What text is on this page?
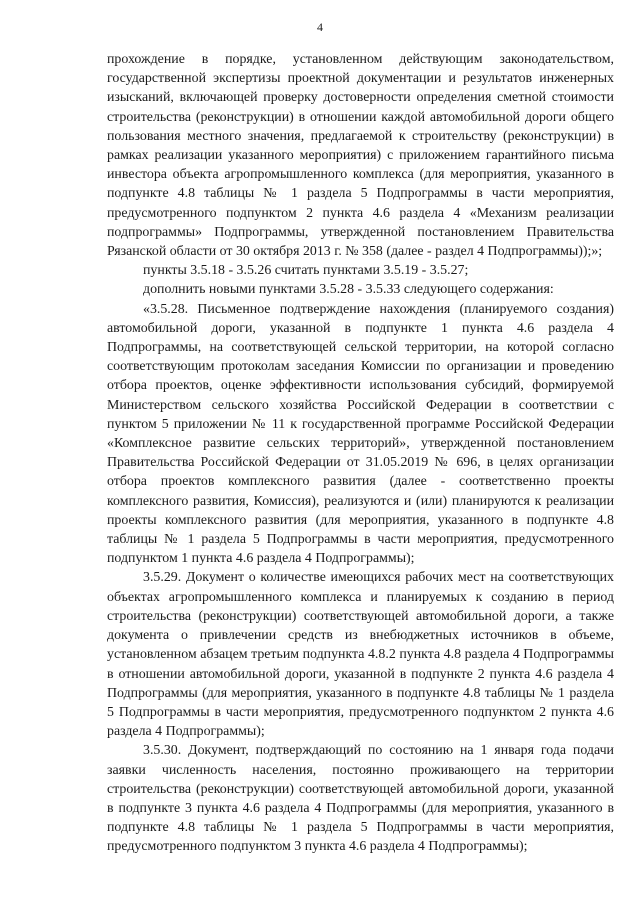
4

прохождение в порядке, установленном действующим законодательством, государственной экспертизы проектной документации и результатов инженерных изысканий, включающей проверку достоверности определения сметной стоимости строительства (реконструкции) в отношении каждой автомобильной дороги общего пользования местного значения, предлагаемой к строительству (реконструкции) в рамках реализации указанного мероприятия) с приложением гарантийного письма инвестора объекта агропромышленного комплекса (для мероприятия, указанного в подпункте 4.8 таблицы № 1 раздела 5 Подпрограммы в части мероприятия, предусмотренного подпунктом 2 пункта 4.6 раздела 4 «Механизм реализации подпрограммы» Подпрограммы, утвержденной постановлением Правительства Рязанской области от 30 октября 2013 г. № 358 (далее - раздел 4 Подпрограммы));»;

пункты 3.5.18 - 3.5.26 считать пунктами 3.5.19 - 3.5.27;

дополнить новыми пунктами 3.5.28 - 3.5.33 следующего содержания:

«3.5.28. Письменное подтверждение нахождения (планируемого создания) автомобильной дороги, указанной в подпункте 1 пункта 4.6 раздела 4 Подпрограммы, на соответствующей сельской территории, на которой согласно соответствующим протоколам заседания Комиссии по организации и проведению отбора проектов, оценке эффективности использования субсидий, формируемой Министерством сельского хозяйства Российской Федерации в соответствии с пунктом 5 приложении № 11 к государственной программе Российской Федерации «Комплексное развитие сельских территорий», утвержденной постановлением Правительства Российской Федерации от 31.05.2019 № 696, в целях организации отбора проектов комплексного развития (далее - соответственно проекты комплексного развития, Комиссия), реализуются и (или) планируются к реализации проекты комплексного развития (для мероприятия, указанного в подпункте 4.8 таблицы № 1 раздела 5 Подпрограммы в части мероприятия, предусмотренного подпунктом 1 пункта 4.6 раздела 4 Подпрограммы);

3.5.29. Документ о количестве имеющихся рабочих мест на соответствующих объектах агропромышленного комплекса и планируемых к созданию в период строительства (реконструкции) соответствующей автомобильной дороги, а также документа о привлечении средств из внебюджетных источников в объеме, установленном абзацем третьим подпункта 4.8.2 пункта 4.8 раздела 4 Подпрограммы в отношении автомобильной дороги, указанной в подпункте 2 пункта 4.6 раздела 4 Подпрограммы (для мероприятия, указанного в подпункте 4.8 таблицы № 1 раздела 5 Подпрограммы в части мероприятия, предусмотренного подпунктом 2 пункта 4.6 раздела 4 Подпрограммы);

3.5.30. Документ, подтверждающий по состоянию на 1 января года подачи заявки численность населения, постоянно проживающего на территории строительства (реконструкции) соответствующей автомобильной дороги, указанной в подпункте 3 пункта 4.6 раздела 4 Подпрограммы (для мероприятия, указанного в подпункте 4.8 таблицы № 1 раздела 5 Подпрограммы в части мероприятия, предусмотренного подпунктом 3 пункта 4.6 раздела 4 Подпрограммы);
